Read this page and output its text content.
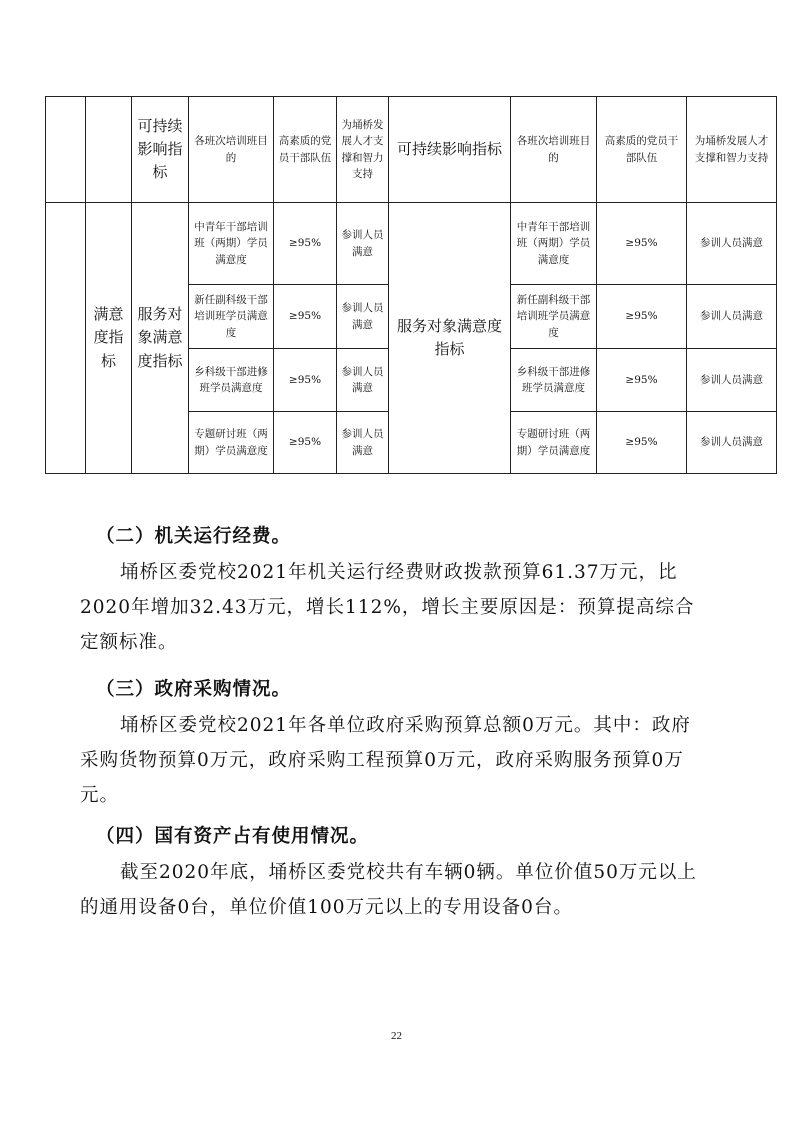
		可持续影响指标	各班次培训班目的	高素质的党员干部队伍	为埇桥发展人才支撑和智力支持	可持续影响指标	各班次培训班目的	高素质的党员干部队伍	为埇桥发展人才支撑和智力支持
	满意度指标	服务对象满意度指标	中青年干部培训班（两期）学员满意度	≥95%	参训人员满意	服务对象满意度指标	中青年干部培训班（两期）学员满意度	≥95%	参训人员满意
			新任副科级干部培训班学员满意度	≥95%	参训人员满意		新任副科级干部培训班学员满意度	≥95%	参训人员满意
			乡科级干部进修班学员满意度	≥95%	参训人员满意		乡科级干部进修班学员满意度	≥95%	参训人员满意
			专题研讨班（两期）学员满意度	≥95%	参训人员满意		专题研讨班（两期）学员满意度	≥95%	参训人员满意
（二）机关运行经费。
埇桥区委党校2021年机关运行经费财政拨款预算61.37万元，比2020年增加32.43万元，增长112%，增长主要原因是：预算提高综合定额标准。
（三）政府采购情况。
埇桥区委党校2021年各单位政府采购预算总额0万元。其中：政府采购货物预算0万元，政府采购工程预算0万元，政府采购服务预算0万元。
（四）国有资产占有使用情况。
截至2020年底，埇桥区委党校共有车辆0辆。单位价值50万元以上的通用设备0台，单位价值100万元以上的专用设备0台。
22
